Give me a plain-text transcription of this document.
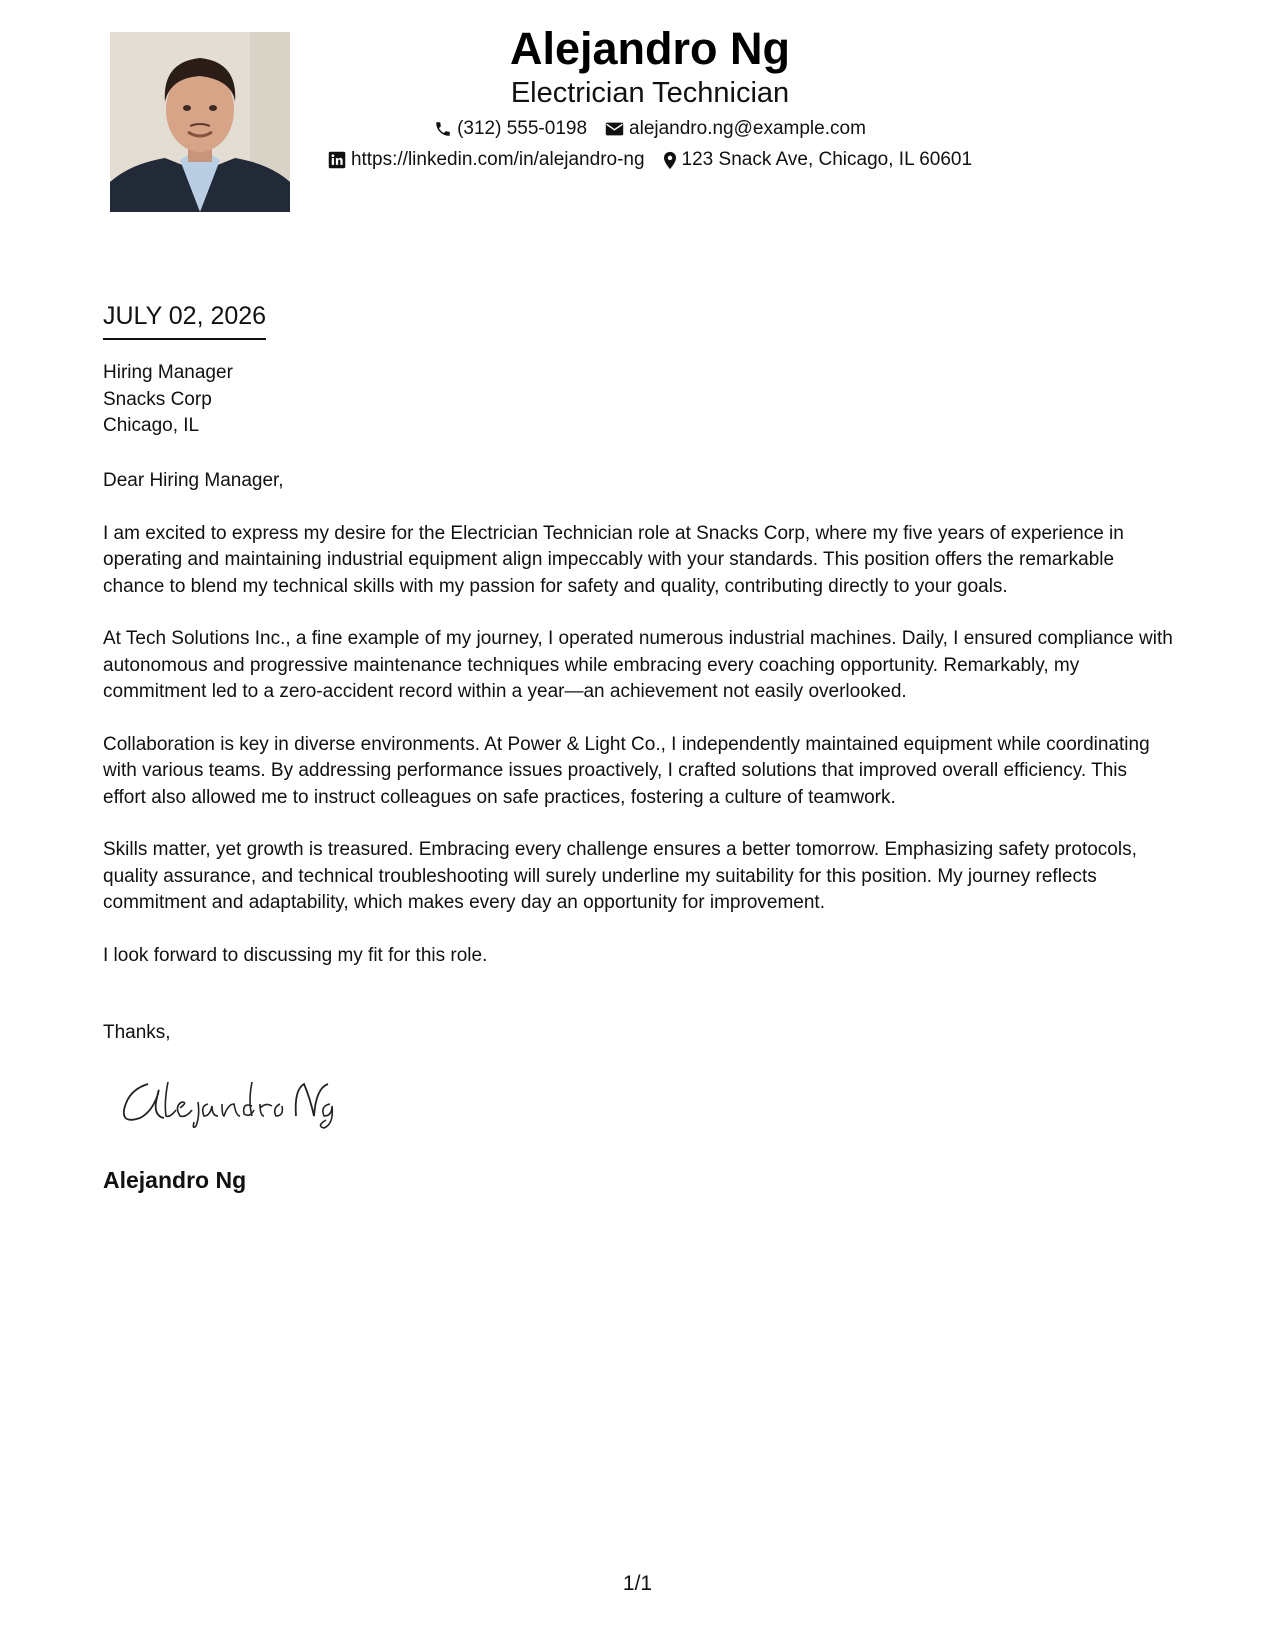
Alejandro Ng
Electrician Technician
(312) 555-0198 alejandro.ng@example.com
https://linkedin.com/in/alejandro-ng 123 Snack Ave, Chicago, IL 60601
JULY 02, 2026
Hiring Manager
Snacks Corp
Chicago, IL

Dear Hiring Manager,

I am excited to express my desire for the Electrician Technician role at Snacks Corp, where my five years of experience in operating and maintaining industrial equipment align impeccably with your standards. This position offers the remarkable chance to blend my technical skills with my passion for safety and quality, contributing directly to your goals.

At Tech Solutions Inc., a fine example of my journey, I operated numerous industrial machines. Daily, I ensured compliance with autonomous and progressive maintenance techniques while embracing every coaching opportunity. Remarkably, my commitment led to a zero-accident record within a year—an achievement not easily overlooked.

Collaboration is key in diverse environments. At Power & Light Co., I independently maintained equipment while coordinating with various teams. By addressing performance issues proactively, I crafted solutions that improved overall efficiency. This effort also allowed me to instruct colleagues on safe practices, fostering a culture of teamwork.

Skills matter, yet growth is treasured. Embracing every challenge ensures a better tomorrow. Emphasizing safety protocols, quality assurance, and technical troubleshooting will surely underline my suitability for this position. My journey reflects commitment and adaptability, which makes every day an opportunity for improvement.

I look forward to discussing my fit for this role.

Thanks,
Alejandro Ng
1/1
